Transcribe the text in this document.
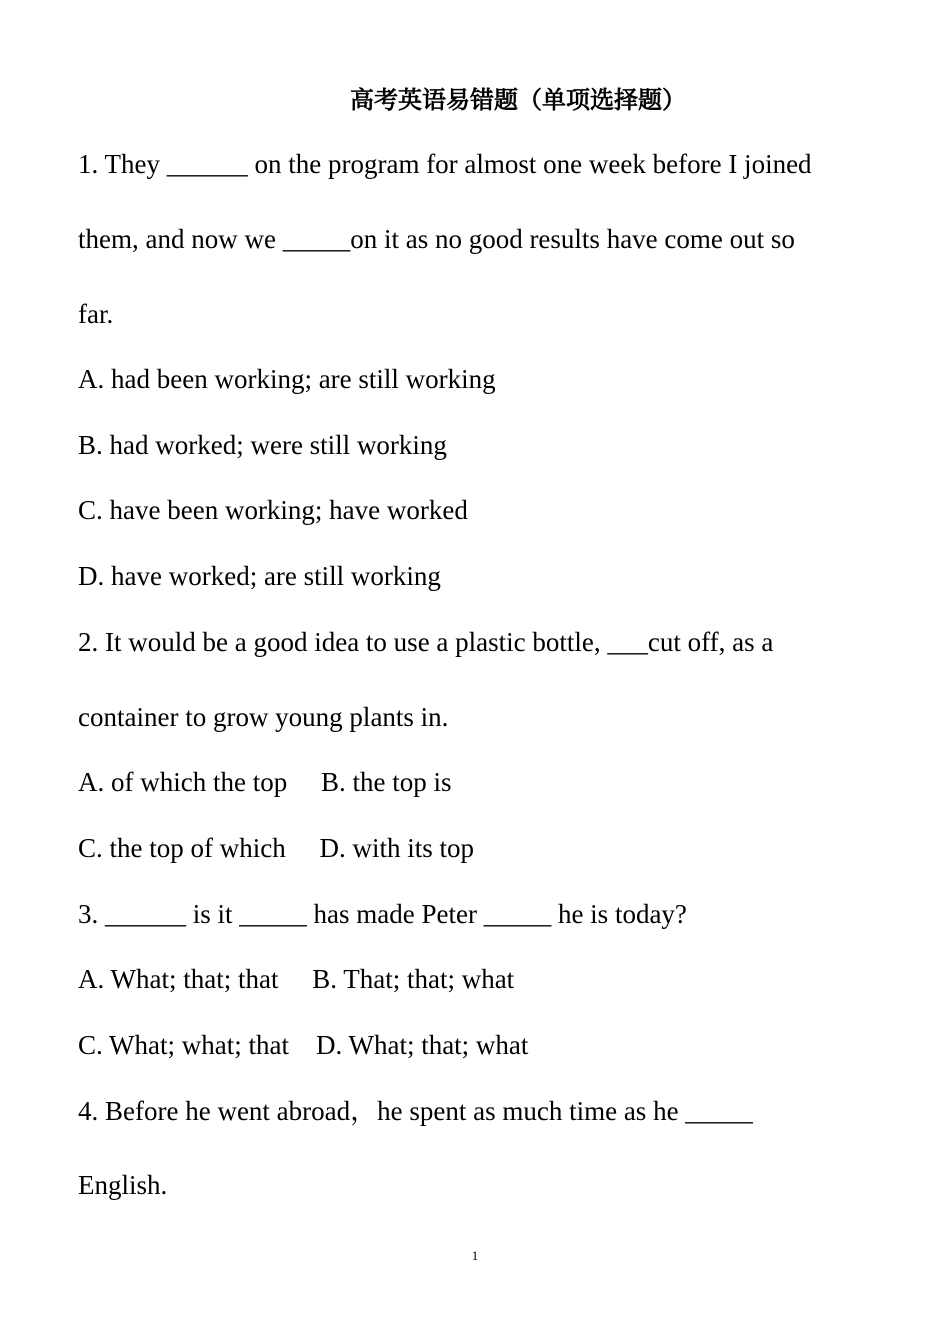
高考英语易错题（单项选择题）

1. They ______ on the program for almost one week before I joined

them, and now we _____on it as no good results have come out so

far.

A. had been working; are still working

B. had worked; were still working

C. have been working; have worked

D. have worked; are still working

2. It would be a good idea to use a plastic bottle, ___cut off, as a

container to grow young plants in.

A. of which the top     B. the top is

C. the top of which     D. with its top

3. ______ is it _____ has made Peter _____ he is today?

A. What; that; that     B. That; that; what

C. What; what; that    D. What; that; what

4. Before he went abroad，he spent as much time as he _____

English.

1
